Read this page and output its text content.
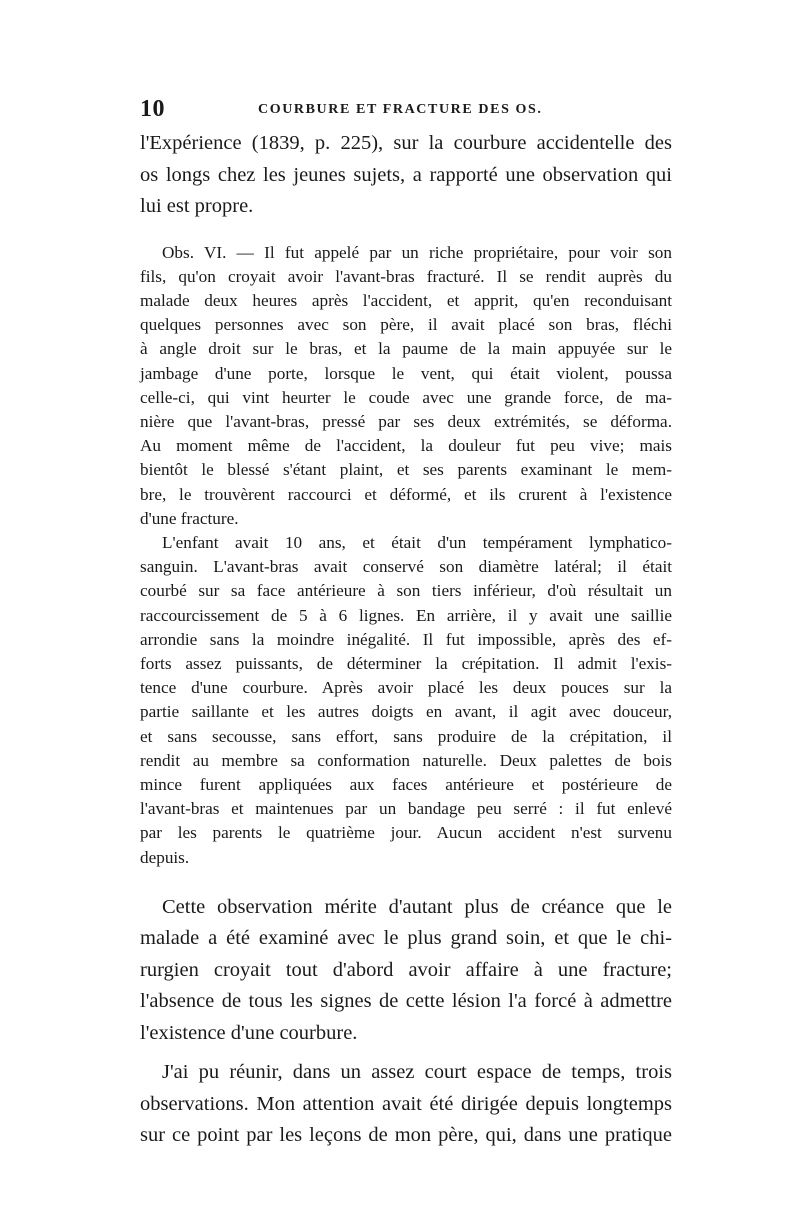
10	COURBURE ET FRACTURE DES OS.

l'Expérience (1839, p. 225), sur la courbure accidentelle des
os longs chez les jeunes sujets, a rapporté une observation qui
lui est propre.

Obs. VI. — Il fut appelé par un riche propriétaire, pour voir son
fils, qu'on croyait avoir l'avant-bras fracturé. Il se rendit auprès du
malade deux heures après l'accident, et apprit, qu'en reconduisant
quelques personnes avec son père, il avait placé son bras, fléchi
à angle droit sur le bras, et la paume de la main appuyée sur le
jambage d'une porte, lorsque le vent, qui était violent, poussa
celle-ci, qui vint heurter le coude avec une grande force, de ma-
nière que l'avant-bras, pressé par ses deux extrémités, se déforma.
Au moment même de l'accident, la douleur fut peu vive; mais
bientôt le blessé s'étant plaint, et ses parents examinant le mem-
bre, le trouvèrent raccourci et déformé, et ils crurent à l'existence
d'une fracture.

L'enfant avait 10 ans, et était d'un tempérament lymphatico-
sanguin. L'avant-bras avait conservé son diamètre latéral; il était
courbé sur sa face antérieure à son tiers inférieur, d'où résultait un
raccourcissement de 5 à 6 lignes. En arrière, il y avait une saillie
arrondie sans la moindre inégalité. Il fut impossible, après des ef-
forts assez puissants, de déterminer la crépitation. Il admit l'exis-
tence d'une courbure. Après avoir placé les deux pouces sur la
partie saillante et les autres doigts en avant, il agit avec douceur,
et sans secousse, sans effort, sans produire de la crépitation, il
rendit au membre sa conformation naturelle. Deux palettes de bois
mince furent appliquées aux faces antérieure et postérieure de
l'avant-bras et maintenues par un bandage peu serré : il fut enlevé
par les parents le quatrième jour. Aucun accident n'est survenu
depuis.

Cette observation mérite d'autant plus de créance que le
malade a été examiné avec le plus grand soin, et que le chi-
rurgien croyait tout d'abord avoir affaire à une fracture;
l'absence de tous les signes de cette lésion l'a forcé à admettre
l'existence d'une courbure.

J'ai pu réunir, dans un assez court espace de temps, trois
observations. Mon attention avait été dirigée depuis longtemps
sur ce point par les leçons de mon père, qui, dans une pratique
